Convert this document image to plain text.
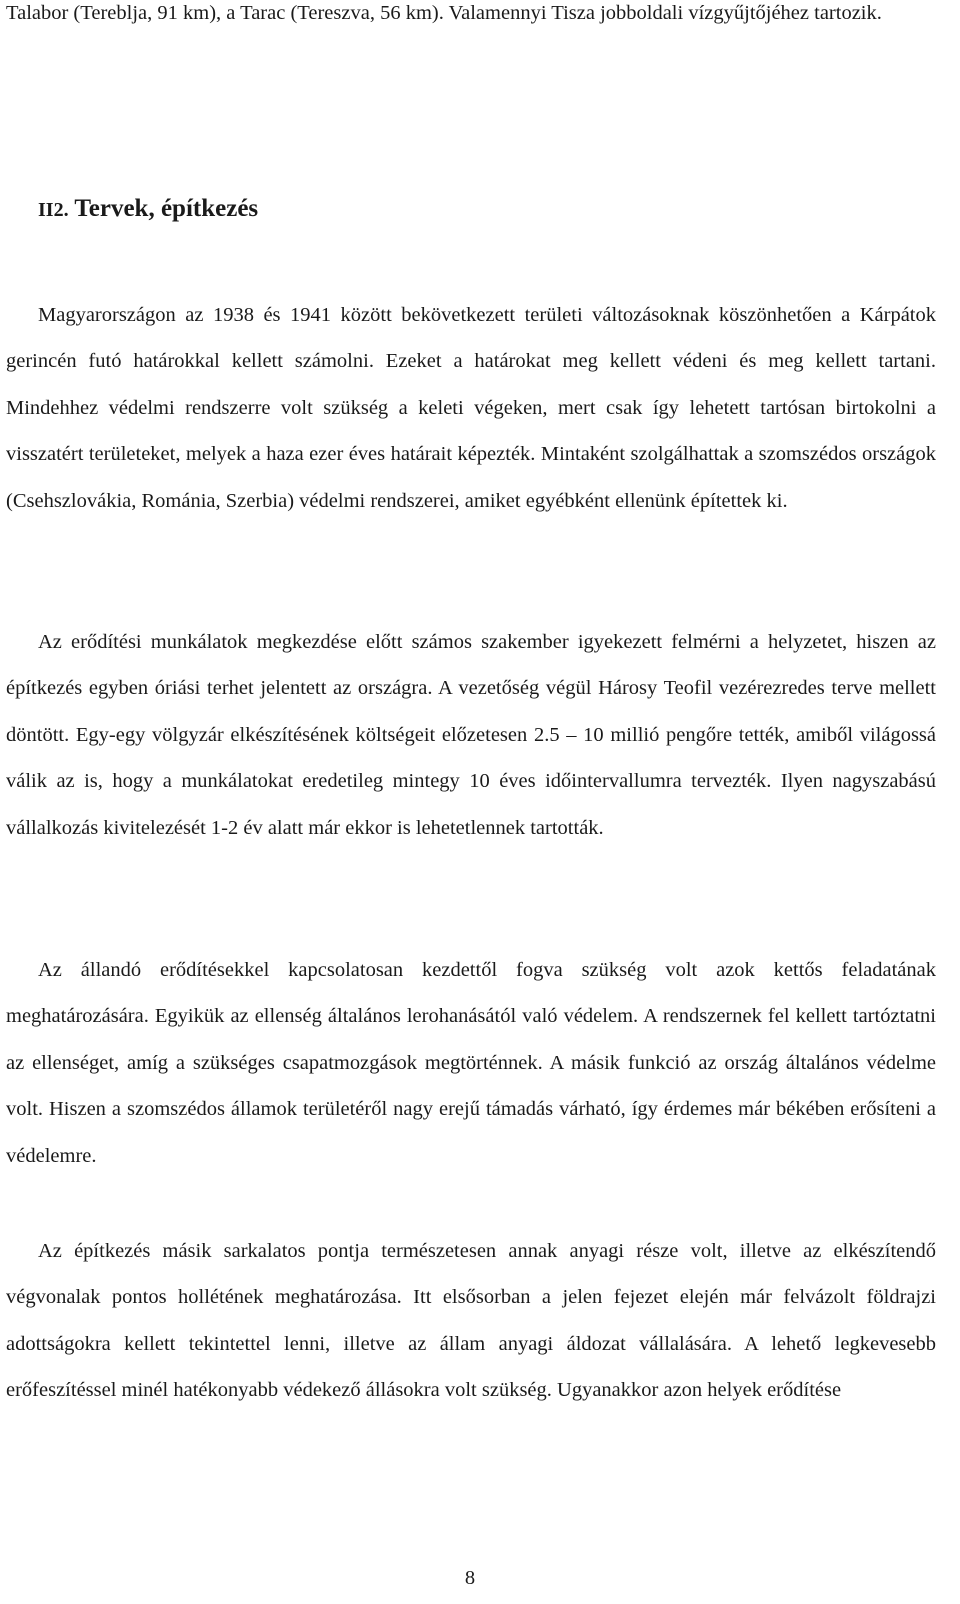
Talabor (Tereblja, 91 km), a Tarac (Tereszva, 56 km). Valamennyi Tisza jobboldali vízgyűjtőjéhez tartozik.

II2. Tervek, építkezés

Magyarországon az 1938 és 1941 között bekövetkezett területi változásoknak köszönhetően a Kárpátok gerincén futó határokkal kellett számolni. Ezeket a határokat meg kellett védeni és meg kellett tartani. Mindehhez védelmi rendszerre volt szükség a keleti végeken, mert csak így lehetett tartósan birtokolni a visszatért területeket, melyek a haza ezer éves határait képezték. Mintaként szolgálhattak a szomszédos országok (Csehszlovákia, Románia, Szerbia) védelmi rendszerei, amiket egyébként ellenünk építettek ki.

Az erődítési munkálatok megkezdése előtt számos szakember igyekezett felmérni a helyzetet, hiszen az építkezés egyben óriási terhet jelentett az országra. A vezetőség végül Hárosy Teofil vezérezredes terve mellett döntött. Egy-egy völgyzár elkészítésének költségeit előzetesen 2.5 – 10 millió pengőre tették, amiből világossá válik az is, hogy a munkálatokat eredetileg mintegy 10 éves időintervallumra tervezték. Ilyen nagyszabású vállalkozás kivitelezését 1-2 év alatt már ekkor is lehetetlennek tartották.

Az állandó erődítésekkel kapcsolatosan kezdettől fogva szükség volt azok kettős feladatának meghatározására. Egyikük az ellenség általános lerohanásától való védelem. A rendszernek fel kellett tartóztatni az ellenséget, amíg a szükséges csapatmozgások megtörténnek. A másik funkció az ország általános védelme volt. Hiszen a szomszédos államok területéről nagy erejű támadás várható, így érdemes már békében erősíteni a védelemre.

Az építkezés másik sarkalatos pontja természetesen annak anyagi része volt, illetve az elkészítendő végvonalak pontos hollétének meghatározása. Itt elsősorban a jelen fejezet elején már felvázolt földrajzi adottságokra kellett tekintettel lenni, illetve az állam anyagi áldozat vállalására. A lehető legkevesebb erőfeszítéssel minél hatékonyabb védekező állásokra volt szükség. Ugyanakkor azon helyek erődítése

8
